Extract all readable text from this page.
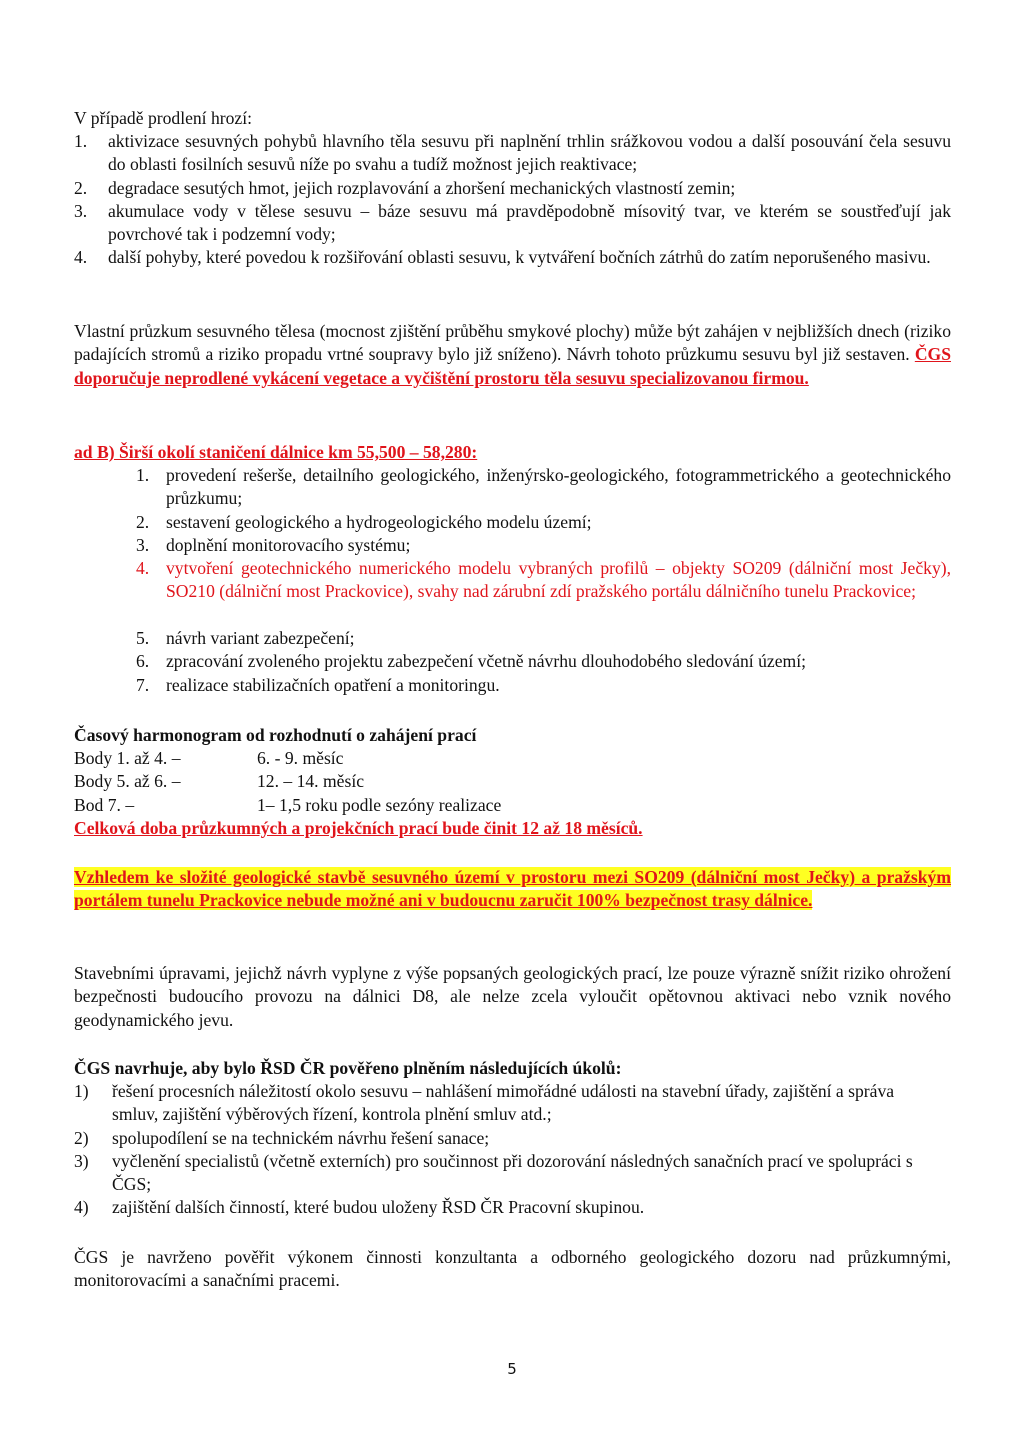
V případě prodlení hrozí:
1. aktivizace sesuvných pohybů hlavního těla sesuvu při naplnění trhlin srážkovou vodou a další posouvání čela sesuvu do oblasti fosilních sesuvů níže po svahu a tudíž možnost jejich reaktivace;
2. degradace sesutých hmot, jejich rozplavování a zhoršení mechanických vlastností zemin;
3. akumulace vody v tělese sesuvu – báze sesuvu má pravděpodobně mísovitý tvar, ve kterém se soustřeďují jak povrchové tak i podzemní vody;
4. další pohyby, které povedou k rozšiřování oblasti sesuvu, k vytváření bočních zátrhů do zatím neporušeného masivu.
Vlastní průzkum sesuvného tělesa (mocnost zjištění průběhu smykové plochy) může být zahájen v nejbližších dnech (riziko padajících stromů a riziko propadu vrtné soupravy bylo již sníženo). Návrh tohoto průzkumu sesuvu byl již sestaven. ČGS doporučuje neprodlené vykácení vegetace a vyčištění prostoru těla sesuvu specializovanou firmou.
ad B) Širší okolí staničení dálnice km 55,500 – 58,280:
1. provedení rešerše, detailního geologického, inženýrsko-geologického, fotogrammetrického a geotechnického průzkumu;
2. sestavení geologického a hydrogeologického modelu území;
3. doplnění monitorovacího systému;
4. vytvoření geotechnického numerického modelu vybraných profilů – objekty SO209 (dálniční most Ječky), SO210 (dálniční most Prackovice), svahy nad zárubní zdí pražského portálu dálničního tunelu Prackovice;
5. návrh variant zabezpečení;
6. zpracování zvoleného projektu zabezpečení včetně návrhu dlouhodobého sledování území;
7. realizace stabilizačních opatření a monitoringu.
Časový harmonogram od rozhodnutí o zahájení prací
Body 1. až 4. –	6. - 9. měsíc
Body 5. až 6. –	12. – 14. měsíc
Bod 7. –	1– 1,5 roku podle sezóny realizace
Celková doba průzkumných a projekčních prací bude činit 12 až 18 měsíců.
Vzhledem ke složité geologické stavbě sesuvného území v prostoru mezi SO209 (dálniční most Ječky) a pražským portálem tunelu Prackovice nebude možné ani v budoucnu zaručit 100% bezpečnost trasy dálnice.
Stavebními úpravami, jejichž návrh vyplyne z výše popsaných geologických prací, lze pouze výrazně snížit riziko ohrožení bezpečnosti budoucího provozu na dálnici D8, ale nelze zcela vyloučit opětovnou aktivaci nebo vznik nového geodynamického jevu.
ČGS navrhuje, aby bylo ŘSD ČR pověřeno plněním následujících úkolů:
1) řešení procesních náležitostí okolo sesuvu – nahlášení mimořádné události na stavební úřady, zajištění a správa smluv, zajištění výběrových řízení, kontrola plnění smluv atd.;
2) spolupodílení se na technickém návrhu řešení sanace;
3) vyčlenění specialistů (včetně externích) pro součinnost při dozorování následných sanačních prací ve spolupráci s ČGS;
4) zajištění dalších činností, které budou uloženy ŘSD ČR Pracovní skupinou.
ČGS je navrženo pověřit výkonem činnosti konzultanta a odborného geologického dozoru nad průzkumnými, monitorovacími a sanačními pracemi.
5
